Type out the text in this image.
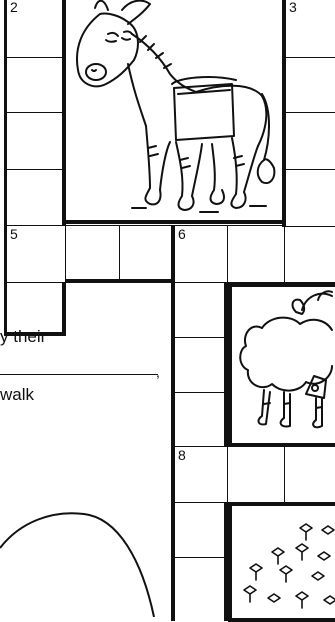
2
5	6
3
8
y their
,
walk
